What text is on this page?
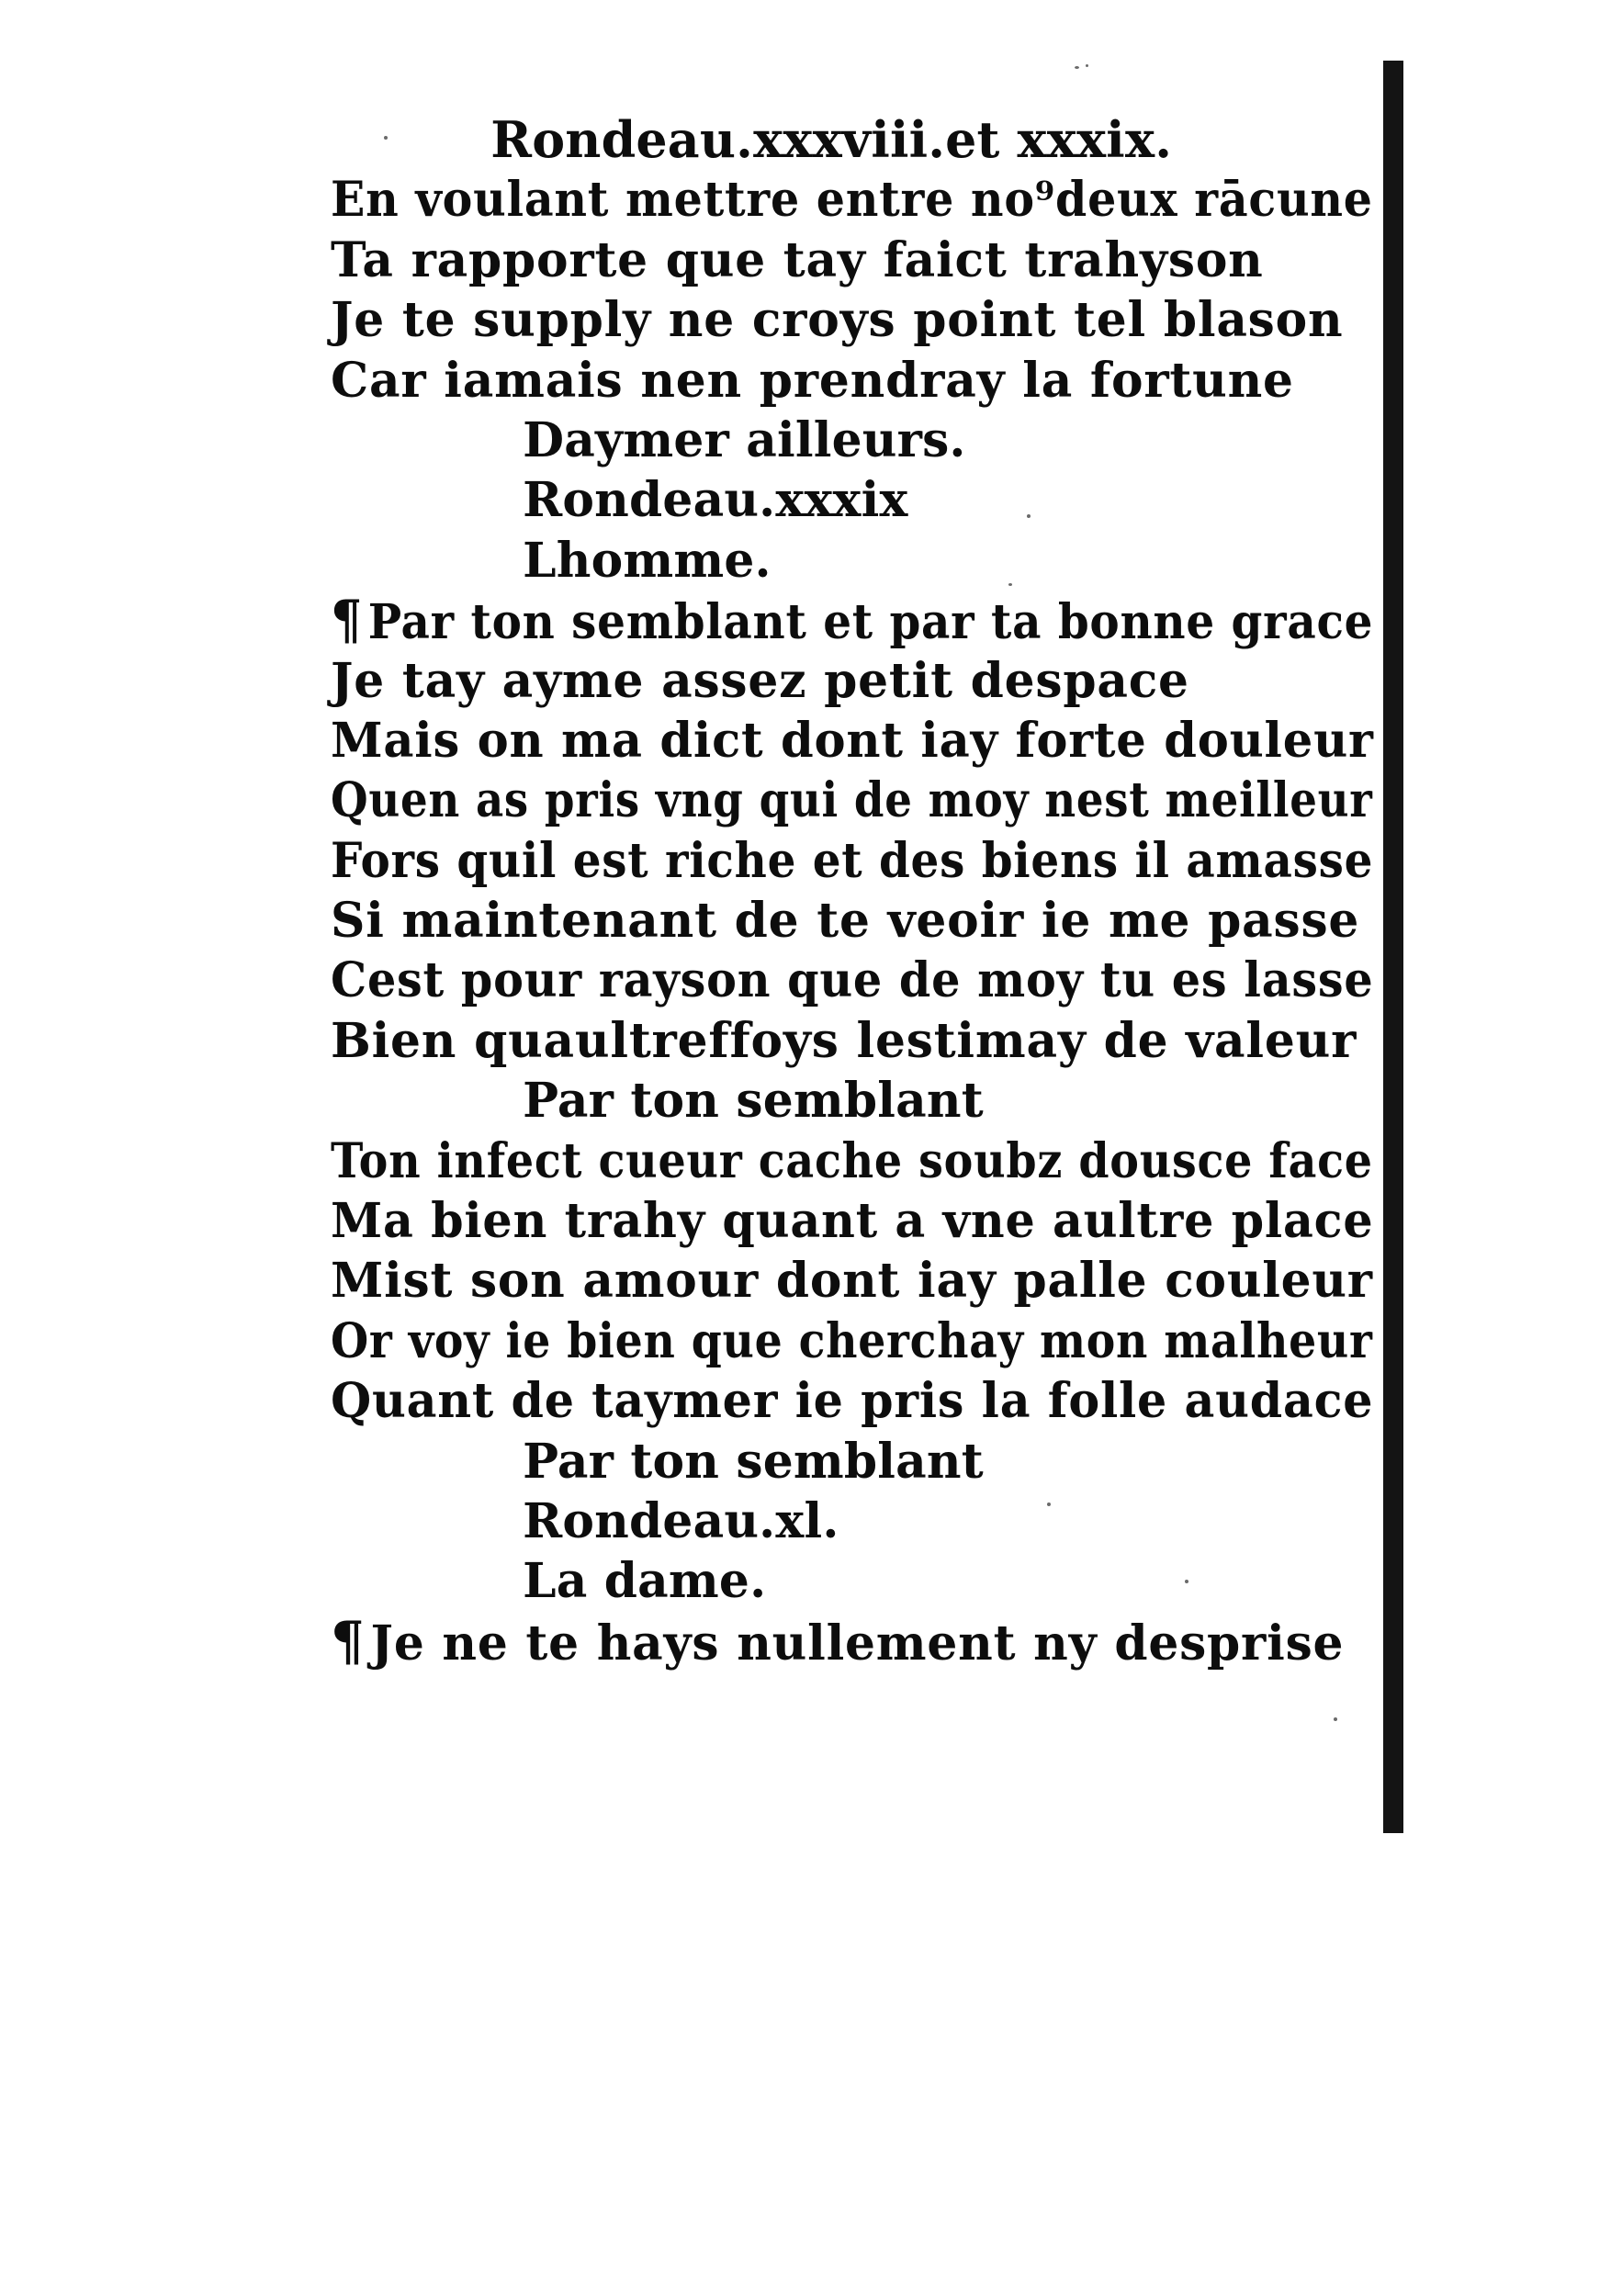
Rondeau.xxxviii.et xxxix.
En voulant mettre entre no⁹deux rācune
Ta rapporte que tay faict trahyson
Je te supply ne croys point tel blason
Car iamais nen prendray la fortune
Daymer ailleurs.
Rondeau.xxxix
Lhomme.
¶ Par ton semblant et par ta bonne grace
Je tay ayme assez petit despace
Mais on ma dict dont iay forte douleur
Quen as pris vng qui de moy nest meilleur
Fors quil est riche et des biens il amasse
Si maintenant de te veoir ie me passe
Cest pour rayson que de moy tu es lasse
Bien quaultreffoys lestimay de valeur
Par ton semblant
Ton infect cueur cache soubz dousce face
Ma bien trahy quant a vne aultre place
Mist son amour dont iay palle couleur
Or voy ie bien que cherchay mon malheur
Quant de taymer ie pris la folle audace
Par ton semblant
Rondeau.xl.
La dame.
¶ Je ne te hays nullement ny desprise
